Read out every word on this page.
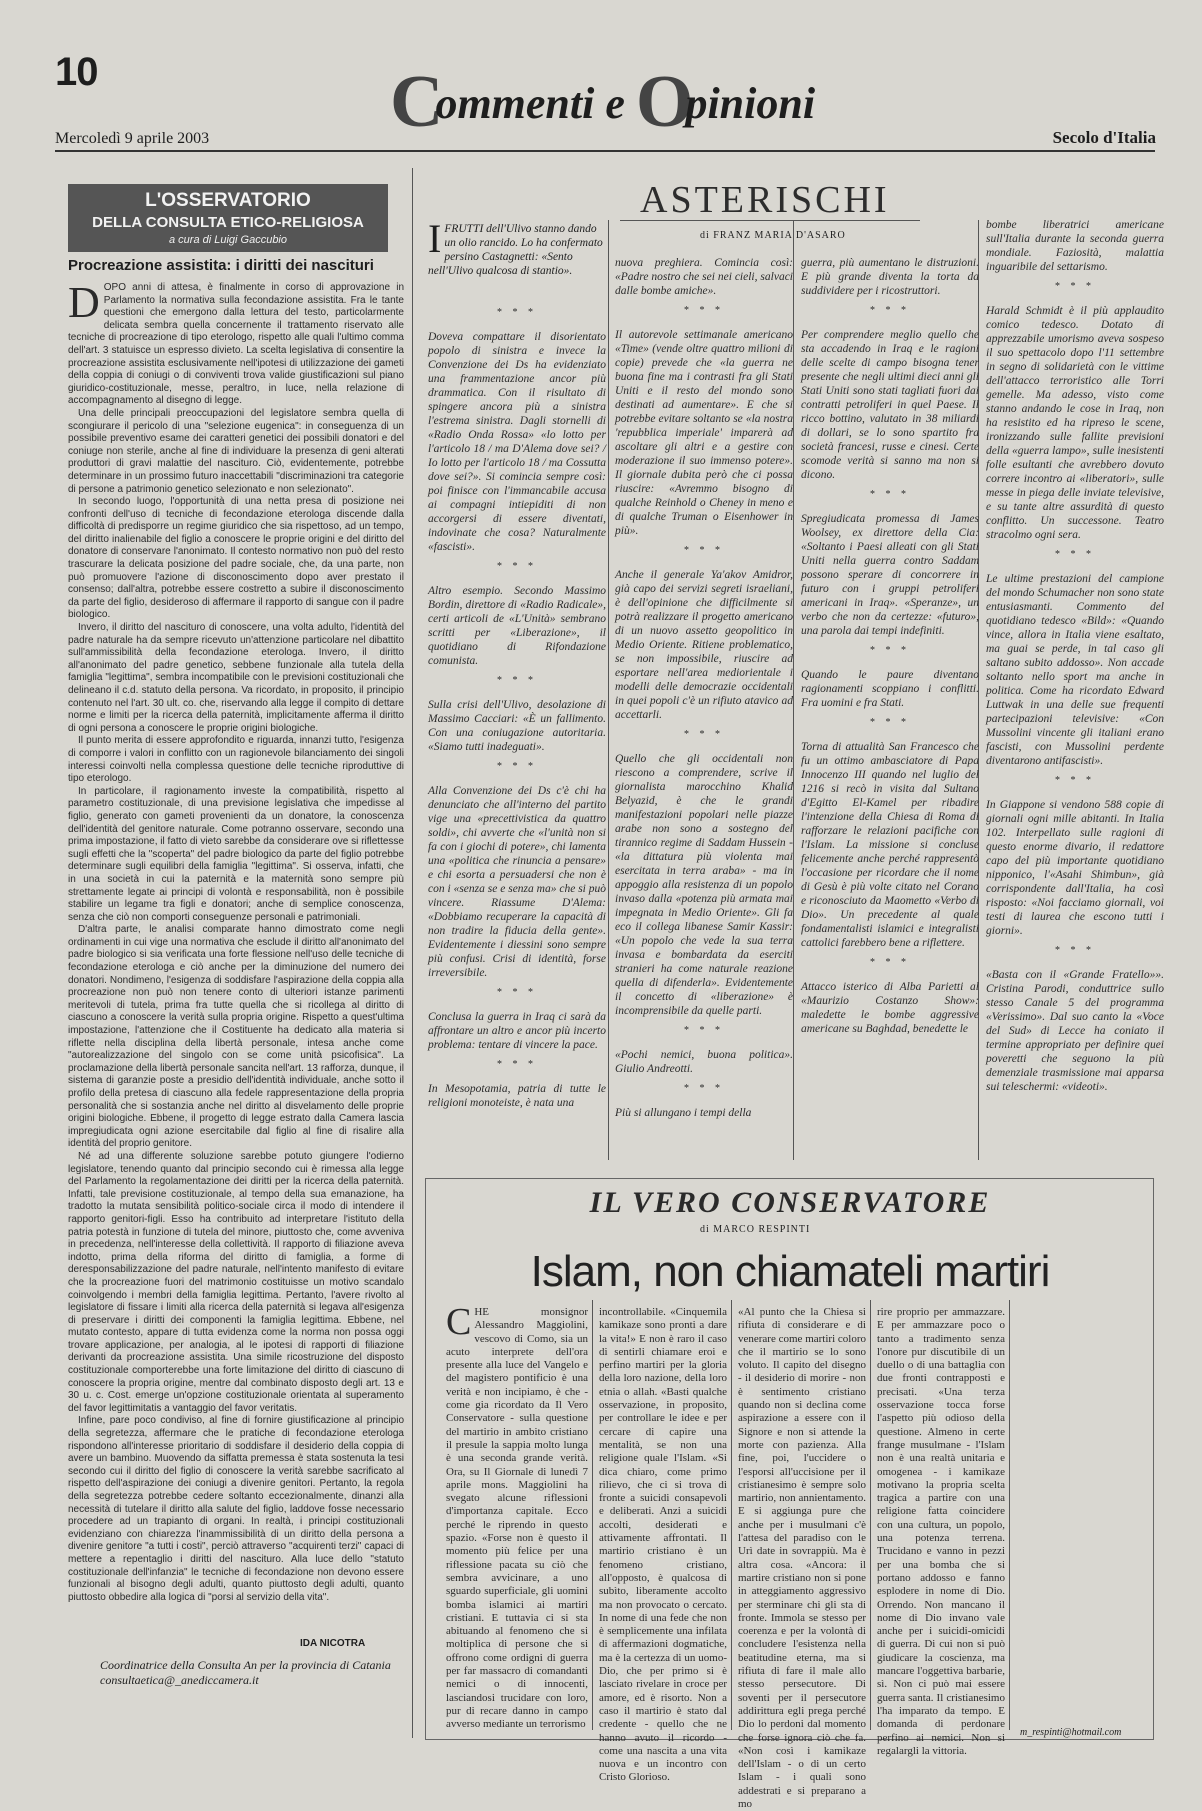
10	Commenti e Opinioni
Mercoledì 9 aprile 2003	Secolo d'Italia
L'OSSERVATORIO
DELLA CONSULTA ETICO-RELIGIOSA
a cura di Luigi Gaccubio
Procreazione assistita: i diritti dei nascituri
D OPO anni di attesa, è finalmente in corso di approvazione in Parlamento la normativa sulla fecondazione assistita. Fra le tante questioni che emergono dalla lettura del testo, particolarmente delicata sembra quella concernente il trattamento riservato alle tecniche di procreazione di tipo eterologo, rispetto alle quali l'ultimo comma dell'art. 3 statuisce un espresso divieto. La scelta legislativa di consentire la procreazione assistita esclusivamente nell'ipotesi di utilizzazione dei gameti della coppia di coniugi o di conviventi trova valide giustificazioni sul piano giuridico-costituzionale, messe, peraltro, in luce, nella relazione di accompagnamento al disegno di legge.

Una delle principali preoccupazioni del legislatore sembra quella di scongiurare il pericolo di una "selezione eugenica": in conseguenza di un possibile preventivo esame dei caratteri genetici dei possibili donatori e del coniuge non sterile, anche al fine di individuare la presenza di geni alterati produttori di gravi malattie del nascituro. Ciò, evidentemente, potrebbe determinare in un prossimo futuro inaccettabili "discriminazioni tra categorie di persone a patrimonio genetico selezionato e non selezionato".

In secondo luogo, l'opportunità di una netta presa di posizione nei confronti dell'uso di tecniche di fecondazione eterologa discende dalla difficoltà di predisporre un regime giuridico che sia rispettoso, ad un tempo, del diritto inalienabile del figlio a conoscere le proprie origini e del diritto del donatore di conservare l'anonimato. Il contesto normativo non può del resto trascurare la delicata posizione del padre sociale, che, da una parte, non può promuovere l'azione di disconoscimento dopo aver prestato il consenso; dall'altra, potrebbe essere costretto a subire il disconoscimento da parte del figlio, desideroso di affermare il rapporto di sangue con il padre biologico.

Invero, il diritto del nascituro di conoscere, una volta adulto, l'identità del padre naturale ha da sempre ricevuto un'attenzione particolare nel dibattito sull'ammissibilità della fecondazione eterologa. Invero, il diritto all'anonimato del padre genetico, sebbene funzionale alla tutela della famiglia "legittima", sembra incompatibile con le previsioni costituzionali che delineano il c.d. statuto della persona. Va ricordato, in proposito, il principio contenuto nel l'art. 30 ult. co. che, riservando alla legge il compito di dettare norme e limiti per la ricerca della paternità, implicitamente afferma il diritto di ogni persona a conoscere le proprie origini biologiche.

Il punto merita di essere approfondito e riguarda, innanzi tutto, l'esigenza di comporre i valori in conflitto con un ragionevole bilanciamento dei singoli interessi coinvolti nella complessa questione delle tecniche riproduttive di tipo eterologo.

In particolare, il ragionamento investe la compatibilità, rispetto al parametro costituzionale, di una previsione legislativa che impedisse al figlio, generato con gameti provenienti da un donatore, la conoscenza dell'identità del genitore naturale. Come potranno osservare, secondo una prima impostazione, il fatto di vieto sarebbe da considerare ove si riflettesse sugli effetti che la "scoperta" del padre biologico da parte del figlio potrebbe determinare sugli equilibri della famiglia "legittima". Si osserva, infatti, che in una società in cui la paternità e la maternità sono sempre più strettamente legate ai principi di volontà e responsabilità, non è possibile stabilire un legame tra figli e donatori; anche di semplice conoscenza, senza che ciò non comporti conseguenze personali e patrimoniali.

D'altra parte, le analisi comparate hanno dimostrato come negli ordinamenti in cui vige una normativa che esclude il diritto all'anonimato del padre biologico si sia verificata una forte flessione nell'uso delle tecniche di fecondazione eterologa e ciò anche per la diminuzione del numero dei donatori. Nondimeno, l'esigenza di soddisfare l'aspirazione della coppia alla procreazione non può non tenere conto di ulteriori istanze parimenti meritevoli di tutela, prima fra tutte quella che si ricollega al diritto di ciascuno a conoscere la verità sulla propria origine. Rispetto a quest'ultima impostazione, l'attenzione che il Costituente ha dedicato alla materia si riflette nella disciplina della libertà personale, intesa anche come "autorealizzazione del singolo con se come unità psicofisica". La proclamazione della libertà personale sancita nell'art. 13 rafforza, dunque, il sistema di garanzie poste a presidio dell'identità individuale, anche sotto il profilo della pretesa di ciascuno alla fedele rappresentazione della propria personalità che si sostanzia anche nel diritto al disvelamento delle proprie origini biologiche. Ebbene, il progetto di legge estrato dalla Camera lascia impregiudicata ogni azione esercitabile dal figlio al fine di risalire alla identità del proprio genitore.

Né ad una differente soluzione sarebbe potuto giungere l'odierno legislatore, tenendo quanto dal principio secondo cui è rimessa alla legge del Parlamento la regolamentazione dei diritti per la ricerca della paternità. Infatti, tale previsione costituzionale, al tempo della sua emanazione, ha tradotto la mutata sensibilità politico-sociale circa il modo di intendere il rapporto genitori-figli. Esso ha contribuito ad interpretare l'istituto della patria potestà in funzione di tutela del minore, piuttosto che, come avveniva in precedenza, nell'interesse della collettività. Il rapporto di filiazione aveva indotto, prima della riforma del diritto di famiglia, a forme di deresponsabilizzazione del padre naturale, nell'intento manifesto di evitare che la procreazione fuori del matrimonio costituisse un motivo scandalo coinvolgendo i membri della famiglia legittima. Pertanto, l'avere rivolto al legislatore di fissare i limiti alla ricerca della paternità si legava all'esigenza di preservare i diritti dei componenti la famiglia legittima. Ebbene, nel mutato contesto, appare di tutta evidenza come la norma non possa oggi trovare applicazione, per analogia, al le ipotesi di rapporti di filiazione derivanti da procreazione assistita. Una simile ricostruzione del disposto costituzionale comporterebbe una forte limitazione del diritto di ciascuno di conoscere la propria origine, mentre dal combinato disposto degli art. 13 e 30 u. c. Cost. emerge un'opzione costituzionale orientata al superamento del favor legittimitatis a vantaggio del favor veritatis.

Infine, pare poco condiviso, al fine di fornire giustificazione al principio della segretezza, affermare che le pratiche di fecondazione eterologa rispondono all'interesse prioritario di soddisfare il desiderio della coppia di avere un bambino. Muovendo da siffatta premessa è stata sostenuta la tesi secondo cui il diritto del figlio di conoscere la verità sarebbe sacrificato al rispetto dell'aspirazione dei coniugi a divenire genitori. Pertanto, la regola della segretezza potrebbe cedere soltanto eccezionalmente, dinanzi alla necessità di tutelare il diritto alla salute del figlio, laddove fosse necessario procedere ad un trapianto di organi. In realtà, i principi costituzionali evidenziano con chiarezza l'inammissibilità di un diritto della persona a divenire genitore "a tutti i costi", perciò attraverso "acquirenti terzi" capaci di mettere a repentaglio i diritti del nascituro. Alla luce dello "statuto costituzionale dell'infanzia" le tecniche di fecondazione non devono essere funzionali al bisogno degli adulti, quanto piuttosto degli adulti, quanto piuttosto obbedire alla logica di "porsi al servizio della vita".

IDA NICOTRA
Coordinatrice della Consulta An per la provincia di Catania consultaetica@_anediccamera.it
ASTERISCHI
di FRANZ MARIA D'ASARO
I FRUTTI dell'Ulivo stanno dando un olio rancido. Lo ha confermato persino Castagnetti: «Sento nell'Ulivo qualcosa di stantio».
* * *

Doveva compattare il disorientato popolo di sinistra e invece la Convenzione dei Ds ha evidenziato una frammentazione ancor più drammatica. Con il risultato di spingere ancora più a sinistra l'estrema sinistra. Dagli stornelli di «Radio Onda Rossa» «lo lotto per l'articolo 18 / ma D'Alema dove sei? / Io lotto per l'articolo 18 / ma Cossutta dove sei?». Si comincia sempre così: poi finisce con l'immancabile accusa ai compagni intiepiditi di non accorgersi di essere diventati, indovinate che cosa? Naturalmente «fascisti».

* * *

Altro esempio. Secondo Massimo Bordin, direttore di «Radio Radicale», certi articoli de «L'Unità» sembrano scritti per «Liberazione», il quotidiano di Rifondazione comunista.

* * *

Sulla crisi dell'Ulivo, desolazione di Massimo Cacciari: «È un fallimento. Con una coniugazione autoritaria. «Siamo tutti inadeguati».

* * *

Alla Convenzione dei Ds c'è chi ha denunciato che all'interno del partito vige una «precettivistica da quattro soldi», chi avverte che «l'unità non si fa con i giochi di potere», chi lamenta una «politica che rinuncia a pensare» e chi esorta a persuadersi che non è con i «senza se e senza ma» che si può vincere. Riassume D'Alema: «Dobbiamo recuperare la capacità di non tradire la fiducia della gente». Evidentemente i diessini sono sempre più confusi. Crisi di identità, forse irreversibile.

* * *

Conclusa la guerra in Iraq ci sarà da affrontare un altro e ancor più incerto problema: tentare di vincere la pace.

* * *

In Mesopotamia, patria di tutte le religioni monoteiste, è nata una

nuova preghiera. Comincia così: «Padre nostro che sei nei cieli, salvaci dalle bombe amiche».

* * *

Il autorevole settimanale americano «Time» (vende oltre quattro milioni di copie) prevede che «la guerra ne buona fine ma i contrasti fra gli Stati Uniti e il resto del mondo sono destinati ad aumentare». E che si potrebbe evitare soltanto se «la nostra 'repubblica imperiale' imparerà ad ascoltare gli altri e a gestire con moderazione il suo immenso potere». Il giornale dubita però che ci possa riuscire: «Avremmo bisogno di qualche Reinhold o Cheney in meno e di qualche Truman o Eisenhower in più».

* * *

Anche il generale Ya'akov Amidror, già capo dei servizi segreti israeliani, è dell'opinione che difficilmente si potrà realizzare il progetto americano di un nuovo assetto geopolitico in Medio Oriente. Ritiene problematico, se non impossibile, riuscire ad esportare nell'area mediorientale i modelli delle democrazie occidentali in quei popoli c'è un rifiuto atavico ad accettarli.

* * *

Quello che gli occidentali non riescono a comprendere, scrive il giornalista marocchino Khalid Belyazid, è che le grandi manifestazioni popolari nelle piazze arabe non sono a sostegno del tirannico regime di Saddam Hussein - «la dittatura più violenta mai esercitata in terra araba» - ma in appoggio alla resistenza di un popolo invaso dalla «potenza più armata mai impegnata in Medio Oriente». Gli fa eco il collega libanese Samir Kassir: «Un popolo che vede la sua terra invasa e bombardata da eserciti stranieri ha come naturale reazione quella di difenderla». Evidentemente il concetto di «liberazione» è incomprensibile da quelle parti.

* * *

«Pochi nemici, buona politica». Giulio Andreotti.

* * *

Più si allungano i tempi della

guerra, più aumentano le distruzioni. E più grande diventa la torta da suddividere per i ricostruttori.

* * *

Per comprendere meglio quello che sta accadendo in Iraq e le ragioni delle scelte di campo bisogna tener presente che negli ultimi dieci anni gli Stati Uniti sono stati tagliati fuori dai contratti petroliferi in quel Paese. Il ricco bottino, valutato in 38 miliardi di dollari, se lo sono spartito fra società francesi, russe e cinesi. Certe scomode verità si sanno ma non si dicono.

* * *

Spregiudicata promessa di James Woolsey, ex direttore della Cia: «Soltanto i Paesi alleati con gli Stati Uniti nella guerra contro Saddam possono sperare di concorrere in futuro con i gruppi petroliferi americani in Iraq». «Speranze», un verbo che non da certezze: «futuro», una parola dai tempi indefiniti.

* * *

Quando le paure diventano ragionamenti scoppiano i conflitti. Fra uomini e fra Stati.

* * *

Torna di attualità San Francesco che fu un ottimo ambasciatore di Papa Innocenzo III quando nel luglio del 1216 si recò in visita dal Sultano d'Egitto El-Kamel per ribadire l'intenzione della Chiesa di Roma di rafforzare le relazioni pacifiche con l'Islam. La missione si concluse felicemente anche perché rappresentò l'occasione per ricordare che il nome di Gesù è più volte citato nel Corano e riconosciuto da Maometto «Verbo di Dio». Un precedente al quale fondamentalisti islamici e integralisti cattolici farebbero bene a riflettere.

* * *

Attacco isterico di Alba Parietti al «Maurizio Costanzo Show»: maledette le bombe aggressive americane su Baghdad, benedette le

bombe liberatrici americane sull'Italia durante la seconda guerra mondiale. Faziosità, malattia inguaribile del settarismo.

* * *

Harald Schmidt è il più applaudito comico tedesco. Dotato di apprezzabile umorismo aveva sospeso il suo spettacolo dopo l'11 settembre in segno di solidarietà con le vittime dell'attacco terroristico alle Torri gemelle. Ma adesso, visto come stanno andando le cose in Iraq, non ha resistito ed ha ripreso le scene, ironizzando sulle fallite previsioni della «guerra lampo», sulle inesistenti folle esultanti che avrebbero dovuto correre incontro ai «liberatori», sulle messe in piega delle inviate televisive, e su tante altre assurdità di questo conflitto. Un successone. Teatro stracolmo ogni sera.

* * *

Le ultime prestazioni del campione del mondo Schumacher non sono state entusiasmanti. Commento del quotidiano tedesco «Bild»: «Quando vince, allora in Italia viene esaltato, ma guai se perde, in tal caso gli saltano subito addosso». Non accade soltanto nello sport ma anche in politica. Come ha ricordato Edward Luttwak in una delle sue frequenti partecipazioni televisive: «Con Mussolini vincente gli italiani erano fascisti, con Mussolini perdente diventarono antifascisti».

* * *

In Giappone si vendono 588 copie di giornali ogni mille abitanti. In Italia 102. Interpellato sulle ragioni di questo enorme divario, il redattore capo del più importante quotidiano nipponico, l'«Asahi Shimbun», già corrispondente dall'Italia, ha così risposto: «Noi facciamo giornali, voi testi di laurea che escono tutti i giorni».

* * *

«Basta con il «Grande Fratello»». Cristina Parodi, conduttrice sullo stesso Canale 5 del programma «Verissimo». Dal suo canto la «Voce del Sud» di Lecce ha coniato il termine appropriato per definire quei poveretti che seguono la più demenziale trasmissione mai apparsa sui teleschermi: «videoti».

IL VERO CONSERVATORE
di MARCO RESPINTI
Islam, non chiamateli martiri
C HE monsignor Alessandro Maggiolini, vescovo di Como, sia un acuto interprete dell'ora presente alla luce del Vangelo e del magistero pontificio è una verità e non incipiamo, è che - come gia ricordato da Il Vero Conservatore - sulla questione del martirio in ambito cristiano il presule la sappia molto lunga è una seconda grande verità. Ora, su Il Giornale di lunedì 7 aprile mons. Maggiolini ha svegato alcune riflessioni d'importanza capitale. Ecco perché le riprendo in questo spazio. «Forse non è questo il momento più felice per una riflessione pacata su ciò che sembra avvicinare, a uno sguardo superficiale, gli uomini bomba islamici ai martiri cristiani. E tuttavia ci si sta abituando al fenomeno che si moltiplica di persone che si offrono come ordigni di guerra per far massacro di comandanti nemici o di innocenti, lasciandosi trucidare con loro, pur di recare danno in campo avverso mediante un terrorismo
incontrollabile. «Cinquemila kamikaze sono pronti a dare la vita!» E non è raro il caso di sentirli chiamare eroi e perfino martiri per la gloria della loro nazione, della loro etnia o allah. «Basti qualche osservazione, in proposito, per controllare le idee e per cercare di capire una mentalità, se non una religione quale l'Islam. «Si dica chiaro, come primo rilievo, che ci si trova di fronte a suicidi consapevoli e deliberati. Anzi a suicidi accolti, desiderati e attivamente affrontati. Il martirio cristiano è un fenomeno cristiano, all'opposto, è qualcosa di subìto, liberamente accolto ma non provocato o cercato. In nome di una fede che non è semplicemente una infilata di affermazioni dogmatiche, ma è la certezza di un uomo-Dio, che per primo si è lasciato rivelare in croce per amore, ed è risorto. Non a caso il martirio è stato dal credente - quello che ne hanno avuto il ricordo - come una nascita a una vita nuova e un incontro con Cristo Glorioso.
«Al punto che la Chiesa si rifiuta di considerare e di venerare come martiri coloro che il martirio se lo sono voluto. Il capito del disegno - il desiderio di morire - non è sentimento cristiano quando non si declina come aspirazione a essere con il Signore e non si attende la morte con pazienza. Alla fine, poi, l'uccidere o l'esporsi all'uccisione per il cristianesimo è sempre solo martirio, non annientamento. E si aggiunga pure che anche per i musulmani c'è l'attesa del paradiso con le Urì date in sovrappiù. Ma è altra cosa. «Ancora: il martire cristiano non si pone in atteggiamento aggressivo per sterminare chi gli sta di fronte. Immola se stesso per coerenza e per la volontà di concludere l'esistenza nella beatitudine eterna, ma si rifiuta di fare il male allo stesso persecutore. Di soventi per il persecutore addirittura egli prega perché Dio lo perdoni dal momento che forse ignora ciò che fa. «Non così i kamikaze dell'Islam - o di un certo Islam - i quali sono addestrati e si preparano a mo
rire proprio per ammazzare. E per ammazzare poco o tanto a tradimento senza l'onore pur discutibile di un duello o di una battaglia con due fronti contrapposti e precisati. «Una terza osservazione tocca forse l'aspetto più odioso della questione. Almeno in certe frange musulmane - l'Islam non è una realtà unitaria e omogenea - i kamikaze motivano la propria scelta tragica a partire con una religione fatta coincidere con una cultura, un popolo, una potenza terrena. Trucidano e vanno in pezzi per una bomba che si portano addosso e fanno esplodere in nome di Dio. Orrendo. Non mancano il nome di Dio invano vale anche per i suicidi-omicidi di guerra. Di cui non si può giudicare la coscienza, ma mancare l'oggettiva barbarie, sì. Non ci può mai essere guerra santa. Il cristianesimo l'ha imparato da tempo. E domanda di perdonare perfino ai nemici. Non si regalargli la vittoria.
m_respinti@hotmail.com
